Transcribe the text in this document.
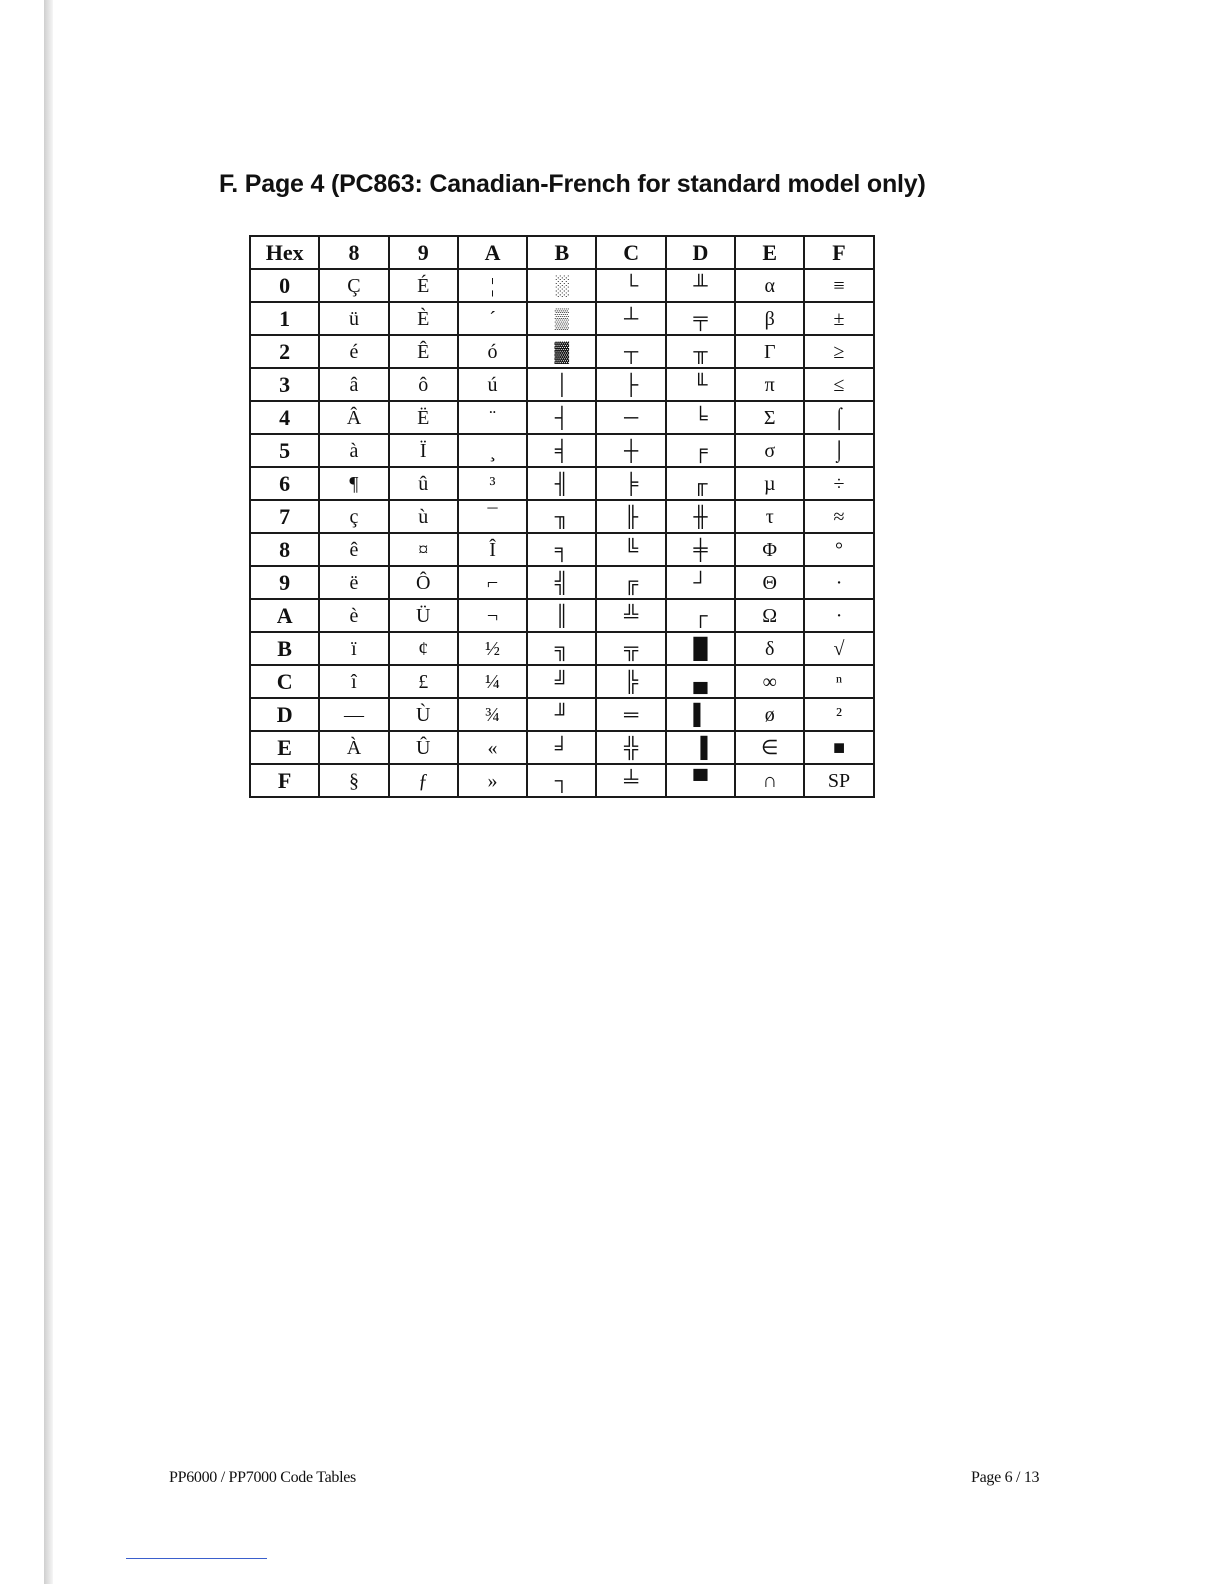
F. Page 4 (PC863: Canadian-French for standard model only)
Hex	8	9	A	B	C	D	E	F
0	Ç	É	¦	░	└	╨	α	≡
1	ü	È	´	▒	┴	╤	β	±
2	é	Ê	ó	▓	┬	╥	Γ	≥
3	â	ô	ú	│	├	╙	π	≤
4	Â	Ë	¨	┤	─	╘	Σ	⌠
5	à	Ï	¸	╡	┼	╒	σ	⌡
6	¶	û	³	╢	╞	╓	µ	÷
7	ç	ù	¯	╖	╟	╫	τ	≈
8	ê	¤	Î	╕	╚	╪	Φ	°
9	ë	Ô	⌐	╣	╔	┘	Θ	∙
A	è	Ü	¬	║	╩	┌	Ω	·
B	ï	¢	½	╗	╦	█	δ	√
C	î	£	¼	╝	╠	▄	∞	ⁿ
D	—	Ù	¾	╜	═	▌	ø	²
E	À	Û	«	╛	╬	▐	∈	■
F	§	ƒ	»	┐	╧	▀	∩	SP
PP6000 / PP7000 Code Tables	Page 6 / 13
